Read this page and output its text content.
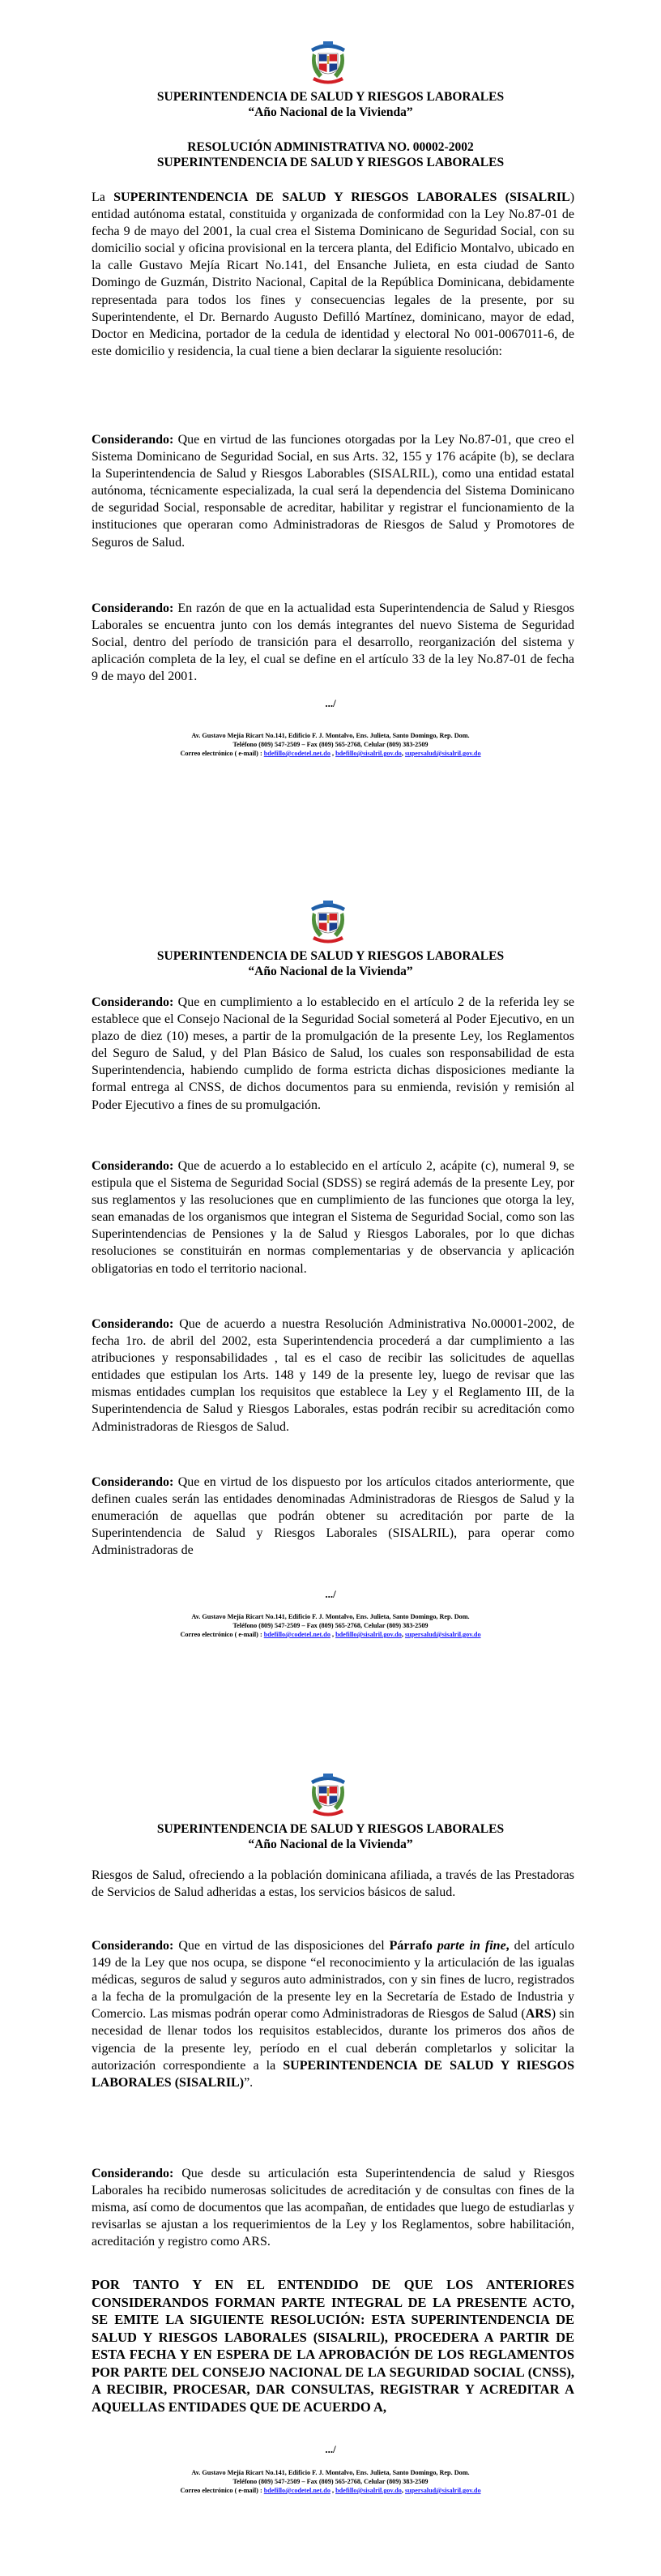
SUPERINTENDENCIA DE SALUD Y RIESGOS LABORALES
“Año Nacional de la Vivienda”
RESOLUCIÓN ADMINISTRATIVA NO. 00002-2002
SUPERINTENDENCIA DE SALUD Y RIESGOS LABORALES

La SUPERINTENDENCIA DE SALUD Y RIESGOS LABORALES (SISALRIL) entidad autónoma estatal, constituida y organizada de conformidad con la Ley No.87-01 de fecha 9 de mayo del 2001, la cual crea el Sistema Dominicano de Seguridad Social, con su domicilio social y oficina provisional en la tercera planta, del Edificio Montalvo, ubicado en la calle Gustavo Mejía Ricart No.141, del Ensanche Julieta, en esta ciudad de Santo Domingo de Guzmán, Distrito Nacional, Capital de la República Dominicana, debidamente representada para todos los fines y consecuencias legales de la presente, por su Superintendente, el Dr. Bernardo Augusto Defilló Martínez, dominicano, mayor de edad, Doctor en Medicina, portador de la cedula de identidad y electoral No 001-0067011-6, de este domicilio y residencia, la cual tiene a bien declarar la siguiente resolución:

Considerando: Que en virtud de las funciones otorgadas por la Ley No.87-01, que creo el Sistema Dominicano de Seguridad Social, en sus Arts. 32, 155 y 176 acápite (b), se declara la Superintendencia de Salud y Riesgos Laborables (SISALRIL), como una entidad estatal autónoma, técnicamente especializada, la cual será la dependencia del Sistema Dominicano de seguridad Social, responsable de acreditar, habilitar y registrar el funcionamiento de la instituciones que operaran como Administradoras de Riesgos de Salud y Promotores de Seguros de Salud.

Considerando: En razón de que en la actualidad esta Superintendencia de Salud y Riesgos Laborales se encuentra junto con los demás integrantes del nuevo Sistema de Seguridad Social, dentro del período de transición para el desarrollo, reorganización del sistema y aplicación completa de la ley, el cual se define en el artículo 33 de la ley No.87-01 de fecha 9 de mayo del 2001.

.../
Av. Gustavo Mejía Ricart No.141, Edificio F. J. Montalvo, Ens. Julieta, Santo Domingo, Rep. Dom.
Teléfono (809) 547-2509 – Fax (809) 565-2768, Celular (809) 383-2509
Correo electrónico ( e-mail) : bdefillo@codetel.net.do , bdefillo@sisalril.gov.do, supersalud@sisalril.gov.do
SUPERINTENDENCIA DE SALUD Y RIESGOS LABORALES
“Año Nacional de la Vivienda”

Considerando: Que en cumplimiento a lo establecido en el artículo 2 de la referida ley se establece que el Consejo Nacional de la Seguridad Social someterá al Poder Ejecutivo, en un plazo de diez (10) meses, a partir de la promulgación de la presente Ley, los Reglamentos del Seguro de Salud, y del Plan Básico de Salud, los cuales son responsabilidad de esta Superintendencia, habiendo cumplido de forma estricta dichas disposiciones mediante la formal entrega al CNSS, de dichos documentos para su enmienda, revisión y remisión al Poder Ejecutivo a fines de su promulgación.

Considerando: Que de acuerdo a lo establecido en el artículo 2, acápite (c), numeral 9, se estipula que el Sistema de Seguridad Social (SDSS) se regirá además de la presente Ley, por sus reglamentos y las resoluciones que en cumplimiento de las funciones que otorga la ley, sean emanadas de los organismos que integran el Sistema de Seguridad Social, como son las Superintendencias de Pensiones y la de Salud y Riesgos Laborales, por lo que dichas resoluciones se constituirán en normas complementarias y de observancia y aplicación obligatorias en todo el territorio nacional.

Considerando: Que de acuerdo a nuestra Resolución Administrativa No.00001-2002, de fecha 1ro. de abril del 2002, esta Superintendencia procederá a dar cumplimiento a las atribuciones y responsabilidades , tal es el caso de recibir las solicitudes de aquellas entidades que estipulan los Arts. 148 y 149 de la presente ley, luego de revisar que las mismas entidades cumplan los requisitos que establece la Ley y el Reglamento III, de la Superintendencia de Salud y Riesgos Laborales, estas podrán recibir su acreditación como Administradoras de Riesgos de Salud.

Considerando: Que en virtud de los dispuesto por los artículos citados anteriormente, que definen cuales serán las entidades denominadas Administradoras de Riesgos de Salud y la enumeración de aquellas que podrán obtener su acreditación por parte de la Superintendencia de Salud y Riesgos Laborales (SISALRIL), para operar como Administradoras de

.../
Av. Gustavo Mejía Ricart No.141, Edificio F. J. Montalvo, Ens. Julieta, Santo Domingo, Rep. Dom.
Teléfono (809) 547-2509 – Fax (809) 565-2768, Celular (809) 383-2509
Correo electrónico ( e-mail) : bdefillo@codetel.net.do , bdefillo@sisalril.gov.do, supersalud@sisalril.gov.do
SUPERINTENDENCIA DE SALUD Y RIESGOS LABORALES
“Año Nacional de la Vivienda”

Riesgos de Salud, ofreciendo a la población dominicana afiliada, a través de las Prestadoras de Servicios de Salud adheridas a estas, los servicios básicos de salud.

Considerando: Que en virtud de las disposiciones del Párrafo parte in fine, del artículo 149 de la Ley que nos ocupa, se dispone “el reconocimiento y la articulación de las igualas médicas, seguros de salud y seguros auto administrados, con y sin fines de lucro, registrados a la fecha de la promulgación de la presente ley en la Secretaría de Estado de Industria y Comercio. Las mismas podrán operar como Administradoras de Riesgos de Salud (ARS) sin necesidad de llenar todos los requisitos establecidos, durante los primeros dos años de vigencia de la presente ley, período en el cual deberán completarlos y solicitar la autorización correspondiente a la SUPERINTENDENCIA DE SALUD Y RIESGOS LABORALES (SISALRIL)”.

Considerando: Que desde su articulación esta Superintendencia de salud y Riesgos Laborales ha recibido numerosas solicitudes de acreditación y de consultas con fines de la misma, así como de documentos que las acompañan, de entidades que luego de estudiarlas y revisarlas se ajustan a los requerimientos de la Ley y los Reglamentos, sobre habilitación, acreditación y registro como ARS.

POR TANTO Y EN EL ENTENDIDO DE QUE LOS ANTERIORES CONSIDERANDOS FORMAN PARTE INTEGRAL DE LA PRESENTE ACTO, SE EMITE LA SIGUIENTE RESOLUCIÓN: ESTA SUPERINTENDENCIA DE SALUD Y RIESGOS LABORALES (SISALRIL), PROCEDERA A PARTIR DE ESTA FECHA Y EN ESPERA DE LA APROBACIÓN DE LOS REGLAMENTOS POR PARTE DEL CONSEJO NACIONAL DE LA SEGURIDAD SOCIAL (CNSS), A RECIBIR, PROCESAR, DAR CONSULTAS, REGISTRAR Y ACREDITAR A AQUELLAS ENTIDADES QUE DE ACUERDO A,

.../
Av. Gustavo Mejía Ricart No.141, Edificio F. J. Montalvo, Ens. Julieta, Santo Domingo, Rep. Dom.
Teléfono (809) 547-2509 – Fax (809) 565-2768, Celular (809) 383-2509
Correo electrónico ( e-mail) : bdefillo@codetel.net.do , bdefillo@sisalril.gov.do, supersalud@sisalril.gov.do
